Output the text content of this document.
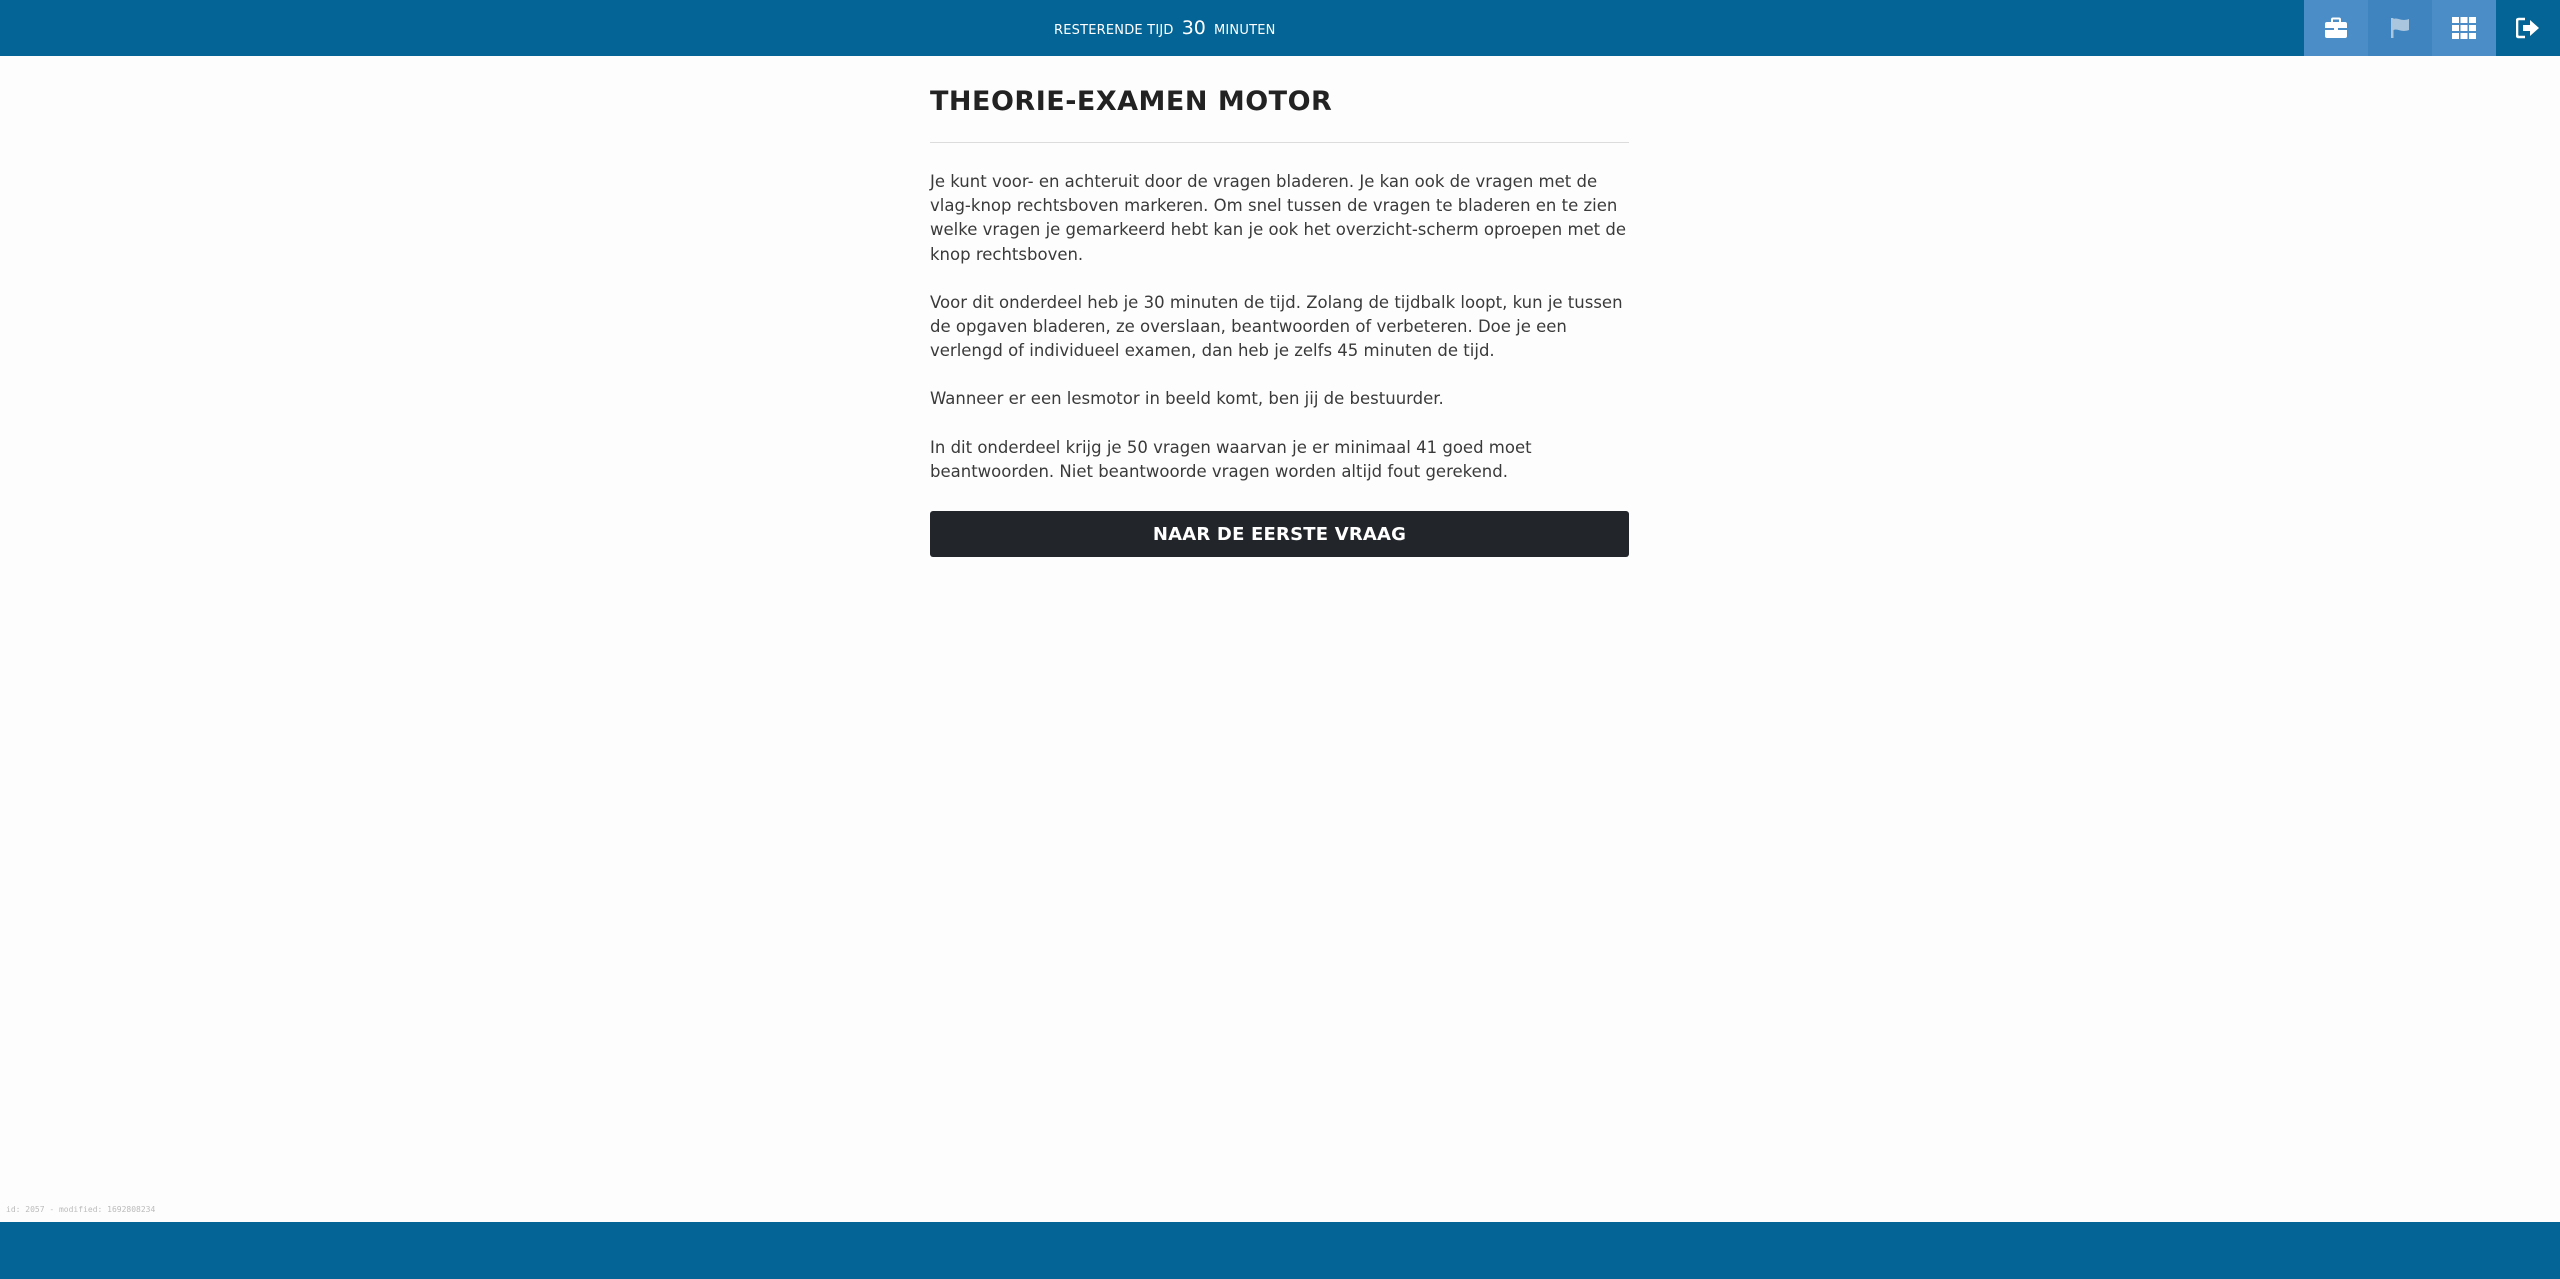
RESTERENDE TIJD 30 MINUTEN
THEORIE-EXAMEN MOTOR

Je kunt voor- en achteruit door de vragen bladeren. Je kan ook de vragen met de vlag-knop rechtsboven markeren. Om snel tussen de vragen te bladeren en te zien welke vragen je gemarkeerd hebt kan je ook het overzicht-scherm oproepen met de knop rechtsboven.

Voor dit onderdeel heb je 30 minuten de tijd. Zolang de tijdbalk loopt, kun je tussen de opgaven bladeren, ze overslaan, beantwoorden of verbeteren. Doe je een verlengd of individueel examen, dan heb je zelfs 45 minuten de tijd.

Wanneer er een lesmotor in beeld komt, ben jij de bestuurder.

In dit onderdeel krijg je 50 vragen waarvan je er minimaal 41 goed moet beantwoorden. Niet beantwoorde vragen worden altijd fout gerekend.

NAAR DE EERSTE VRAAG
id: 2057 - modified: 1692808234
